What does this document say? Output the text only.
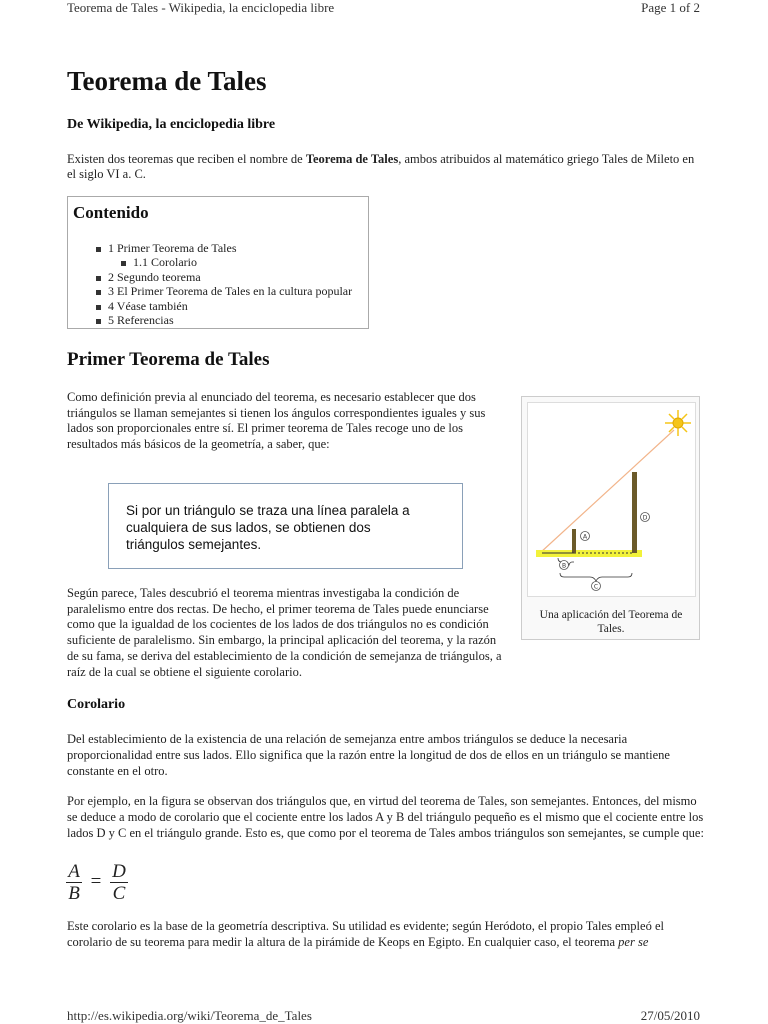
Teorema de Tales - Wikipedia, la enciclopedia libre	Page 1 of 2
Teorema de Tales
De Wikipedia, la enciclopedia libre
Existen dos teoremas que reciben el nombre de Teorema de Tales, ambos atribuidos al matemático griego Tales de Mileto en el siglo VI a. C.
Contenido
1 Primer Teorema de Tales
1.1 Corolario
2 Segundo teorema
3 El Primer Teorema de Tales en la cultura popular
4 Véase también
5 Referencias
Primer Teorema de Tales
Como definición previa al enunciado del teorema, es necesario establecer que dos triángulos se llaman semejantes si tienen los ángulos correspondientes iguales y sus lados son proporcionales entre sí. El primer teorema de Tales recoge uno de los resultados más básicos de la geometría, a saber, que:
Si por un triángulo se traza una línea paralela a cualquiera de sus lados, se obtienen dos triángulos semejantes.
Según parece, Tales descubrió el teorema mientras investigaba la condición de paralelismo entre dos rectas. De hecho, el primer teorema de Tales puede enunciarse como que la igualdad de los cocientes de los lados de dos triángulos no es condición suficiente de paralelismo. Sin embargo, la principal aplicación del teorema, y la razón de su fama, se deriva del establecimiento de la condición de semejanza de triángulos, a raíz de la cual se obtiene el siguiente corolario.
A
B
C
D
Una aplicación del Teorema de Tales.
Corolario
Del establecimiento de la existencia de una relación de semejanza entre ambos triángulos se deduce la necesaria proporcionalidad entre sus lados. Ello significa que la razón entre la longitud de dos de ellos en un triángulo se mantiene constante en el otro.
Por ejemplo, en la figura se observan dos triángulos que, en virtud del teorema de Tales, son semejantes. Entonces, del mismo se deduce a modo de corolario que el cociente entre los lados A y B del triángulo pequeño es el mismo que el cociente entre los lados D y C en el triángulo grande. Esto es, que como por el teorema de Tales ambos triángulos son semejantes, se cumple que:
A
B
= D
C
Este corolario es la base de la geometría descriptiva. Su utilidad es evidente; según Heródoto, el propio Tales empleó el corolario de su teorema para medir la altura de la pirámide de Keops en Egipto. En cualquier caso, el teorema per se
http://es.wikipedia.org/wiki/Teorema_de_Tales	27/05/2010
